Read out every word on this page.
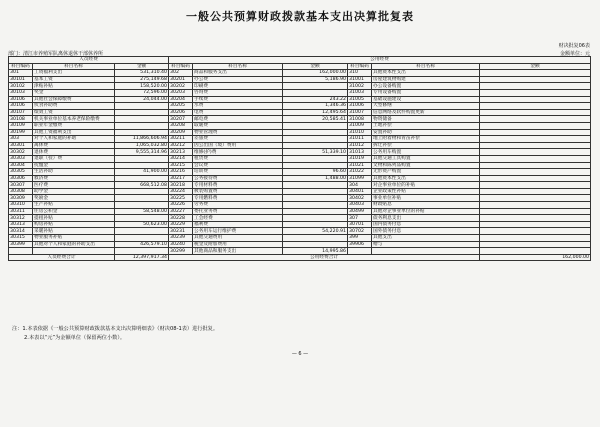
一般公共预算财政拨款基本支出决算批复表
财决批复06表
部门：清江市养殖军队离休退休干部休养所	金额单位：元
人员经费			公用经费					
科目编码	科目名称	金额	科目编码	科目名称	金额	科目编码	科目名称	金额
301	工资福利支出	531,310.40	302	商品和服务支出	162,000.00	310	其他资本性支出	
30101	基本工资	275,149.68	30201	办公费	5,186.90	31001	房屋建筑物购建	
30102	津贴补贴	158,520.00	30202	印刷费		31002	办公设备购置	
30103	奖金	72,596.00	30203	咨询费		31003	专用设备购置	
30106	其他社会保障缴费	24,044.00	30204	手续费	243.22	31005	基础设施建设	
30106	伙食补助费		30205	水费	1,346.36	31006	大型修缮	
30107	绩效工资		30206	电费	12,495.64	31007	信息网络及软件购置更新	
30108	机关事业单位基本养老保险缴费		30207	邮电费	20,585.41	31008	物资储备	
30109	职业年金缴费		30208	取暖费		31009	土地补偿	
30199	其他工资福利支出		30209	物业管理费		31010	安置补助	
303	对个人和家庭的补助	11,866,606.94	30211	差旅费		31011	地上附着物和青苗补偿	
30301	离休费	1,065,032.80	30212	因公出国（境）费用		31012	拆迁补偿	
30302	退休费	9,555,314.96	30213	维修(护)费	51,339.10	31013	公务用车购置	
30303	退职（役）费		30214	租赁费		31019	其他交通工具购置	
30304	抚恤金		30215	会议费		31021	文物和陈列品购置	
30305	生活补助	41,900.00	30216	培训费	96.60	31022	无形资产购置	
30306	救济费		30217	公务接待费	1,488.00	31099	其他资本性支出	
30307	医疗费	668,512.08	30218	专用材料费		304	对企事业单位的补贴	
30308	助学金		30224	被装购置费		30401	企业政策性补贴	
30309	奖励金		30225	专用燃料费		30402	事业单位补贴	
30310	生产补贴		30226	劳务费		30403	财政贴息	
30311	住房公积金	58,548.00	30227	委托业务费		30499	其他对企事业单位的补贴	
30312	提租补贴		30228	工会经费		307	债务利息支出	
30313	购房补贴	50,623.00	30229	福利费		30701	国内债务付息	
30314	采暖补贴		30231	公务用车运行维护费	54,220.91	30702	国外债务付息	
30315	物业服务补贴		30239	其他交通费用		399	其他支出	
30399	其他对个人和家庭的补助支出	426,579.10	30240	税金及附加费用		39906	赠与	
			30299	其他商品和服务支出	14,995.86			
人员经费合计		12,397,917.34	公用经费合计					162,000.00
注：1.本表依据《一般公共预算财政拨款基本支出决算明细表》（财决08-1表）进行批复。
2.本表以“元”为金额单位（保留两位小数）。
— 6 —
